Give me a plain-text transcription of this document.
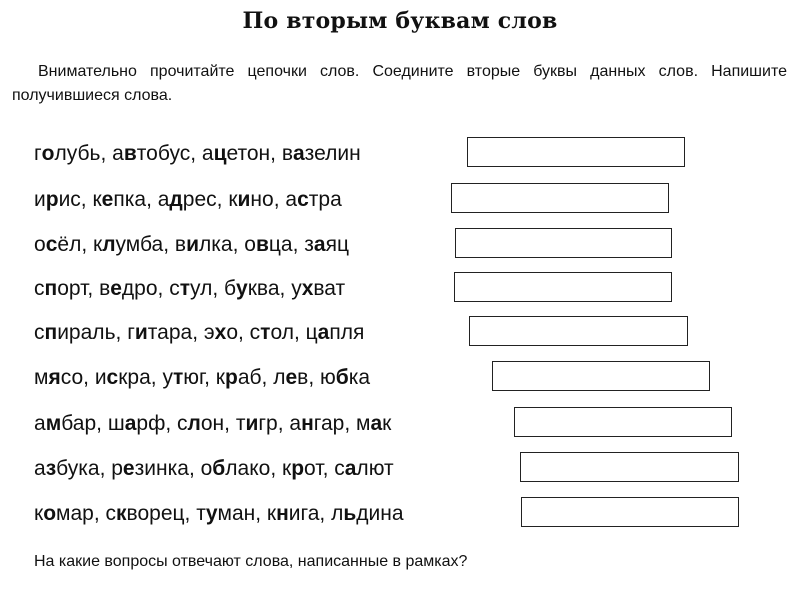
По вторым буквам слов
Внимательно прочитайте цепочки слов. Соедините вторые буквы данных слов. Напишите получившиеся слова.
голубь, автобус, ацетон, вазелин
ирис, кепка, адрес, кино, астра
осёл, клумба, вилка, овца, заяц
спорт, ведро, стул, буква, ухват
спираль, гитара, эхо, стол, цапля
мясо, искра, утюг, краб, лев, юбка
амбар, шарф, слон, тигр, ангар, мак
азбука, резинка, облако, крот, салют
комар, скворец, туман, книга, льдина
На какие вопросы отвечают слова, написанные в рамках?
